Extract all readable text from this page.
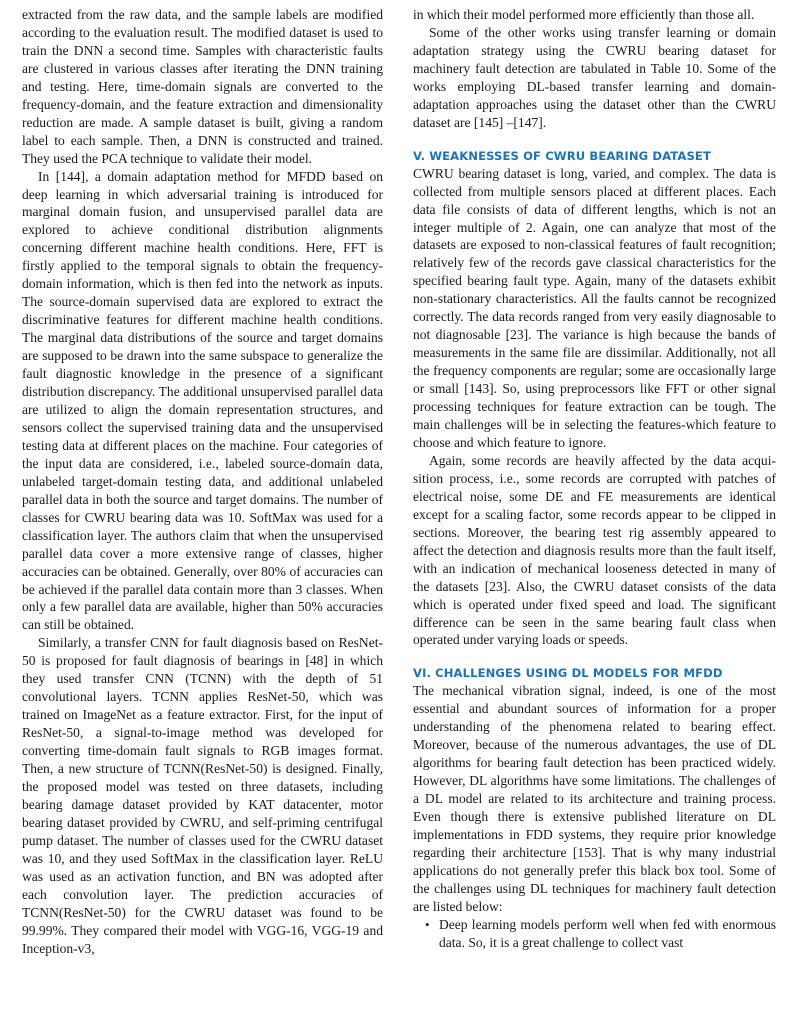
extracted from the raw data, and the sample labels are modified according to the evaluation result. The modified dataset is used to train the DNN a second time. Samples with characteristic faults are clustered in various classes after iterating the DNN training and testing. Here, time-domain signals are converted to the frequency-domain, and the feature extraction and dimensionality reduction are made. A sample dataset is built, giving a random label to each sample. Then, a DNN is constructed and trained. They used the PCA technique to validate their model.

In [144], a domain adaptation method for MFDD based on deep learning in which adversarial training is introduced for marginal domain fusion, and unsupervised parallel data are explored to achieve conditional distribution alignments concerning different machine health conditions. Here, FFT is firstly applied to the temporal signals to obtain the frequency-domain information, which is then fed into the network as inputs. The source-domain supervised data are explored to extract the discriminative features for different machine health conditions. The marginal data distributions of the source and target domains are supposed to be drawn into the same subspace to generalize the fault diagnostic knowledge in the presence of a significant distribution discrepancy. The additional unsupervised parallel data are utilized to align the domain representation structures, and sensors collect the supervised training data and the unsupervised testing data at different places on the machine. Four categories of the input data are considered, i.e., labeled source-domain data, unlabeled target-domain testing data, and additional unlabeled parallel data in both the source and target domains. The number of classes for CWRU bearing data was 10. SoftMax was used for a classification layer. The authors claim that when the unsupervised parallel data cover a more extensive range of classes, higher accuracies can be obtained. Generally, over 80% of accuracies can be achieved if the parallel data contain more than 3 classes. When only a few parallel data are available, higher than 50% accuracies can still be obtained.

Similarly, a transfer CNN for fault diagnosis based on ResNet-50 is proposed for fault diagnosis of bearings in [48] in which they used transfer CNN (TCNN) with the depth of 51 convolutional layers. TCNN applies ResNet-50, which was trained on ImageNet as a feature extractor. First, for the input of ResNet-50, a signal-to-image method was developed for converting time-domain fault signals to RGB images format. Then, a new structure of TCNN(ResNet-50) is designed. Finally, the proposed model was tested on three datasets, including bearing damage dataset provided by KAT datacenter, motor bearing dataset provided by CWRU, and self-priming centrifugal pump dataset. The number of classes used for the CWRU dataset was 10, and they used SoftMax in the classification layer. ReLU was used as an activation function, and BN was adopted after each convolution layer. The prediction accuracies of TCNN(ResNet-50) for the CWRU dataset was found to be 99.99%. They compared their model with VGG-16, VGG-19 and Inception-v3,

in which their model performed more efficiently than those all.

Some of the other works using transfer learning or domain adaptation strategy using the CWRU bearing dataset for machinery fault detection are tabulated in Table 10. Some of the works employing DL-based transfer learning and domain-adaptation approaches using the dataset other than the CWRU dataset are [145] –[147].

V. WEAKNESSES OF CWRU BEARING DATASET

CWRU bearing dataset is long, varied, and complex. The data is collected from multiple sensors placed at different places. Each data file consists of data of different lengths, which is not an integer multiple of 2. Again, one can analyze that most of the datasets are exposed to non-classical features of fault recognition; relatively few of the records gave classical characteristics for the specified bearing fault type. Again, many of the datasets exhibit non-stationary characteristics. All the faults cannot be recognized correctly. The data records ranged from very easily diagnosable to not diagnosable [23]. The variance is high because the bands of measurements in the same file are dissimilar. Additionally, not all the frequency components are regular; some are occasionally large or small [143]. So, using preprocessors like FFT or other signal processing techniques for feature extraction can be tough. The main challenges will be in selecting the features-which feature to choose and which feature to ignore.

Again, some records are heavily affected by the data acquisition process, i.e., some records are corrupted with patches of electrical noise, some DE and FE measurements are identical except for a scaling factor, some records appear to be clipped in sections. Moreover, the bearing test rig assembly appeared to affect the detection and diagnosis results more than the fault itself, with an indication of mechanical looseness detected in many of the datasets [23]. Also, the CWRU dataset consists of the data which is operated under fixed speed and load. The significant difference can be seen in the same bearing fault class when operated under varying loads or speeds.

VI. CHALLENGES USING DL MODELS FOR MFDD

The mechanical vibration signal, indeed, is one of the most essential and abundant sources of information for a proper understanding of the phenomena related to bearing effect. Moreover, because of the numerous advantages, the use of DL algorithms for bearing fault detection has been practiced widely. However, DL algorithms have some limitations. The challenges of a DL model are related to its architecture and training process. Even though there is extensive published literature on DL implementations in FDD systems, they require prior knowledge regarding their architecture [153]. That is why many industrial applications do not generally prefer this black box tool. Some of the challenges using DL techniques for machinery fault detection are listed below:

• Deep learning models perform well when fed with enormous data. So, it is a great challenge to collect vast
